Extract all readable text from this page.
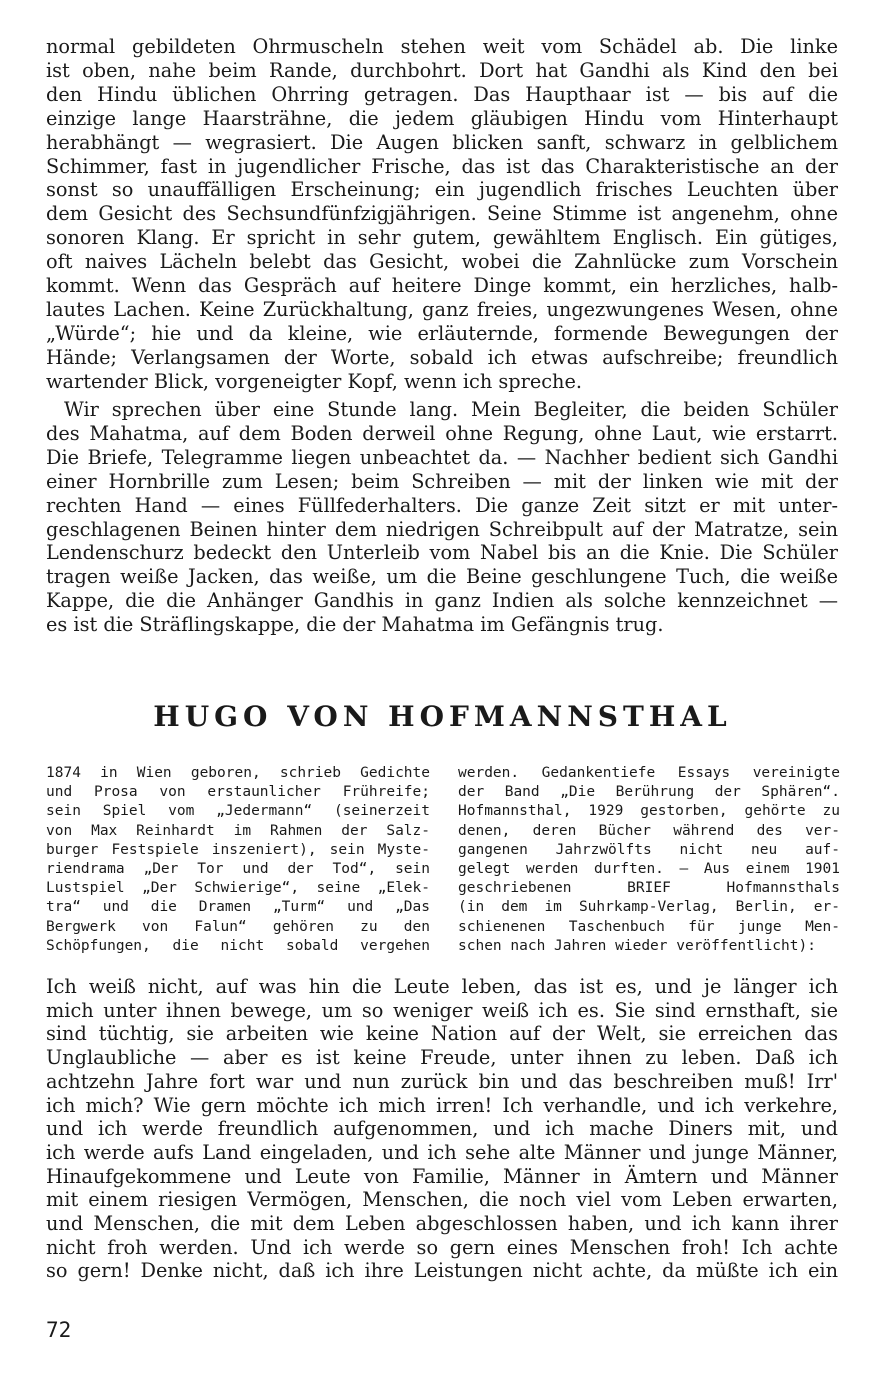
normal gebildeten Ohrmuscheln stehen weit vom Schädel ab. Die linke
ist oben, nahe beim Rande, durchbohrt. Dort hat Gandhi als Kind den bei
den Hindu üblichen Ohrring getragen. Das Haupthaar ist — bis auf die
einzige lange Haarsträhne, die jedem gläubigen Hindu vom Hinterhaupt
herabhängt — wegrasiert. Die Augen blicken sanft, schwarz in gelblichem
Schimmer, fast in jugendlicher Frische, das ist das Charakteristische an der
sonst so unauffälligen Erscheinung; ein jugendlich frisches Leuchten über
dem Gesicht des Sechsundfünfzigjährigen. Seine Stimme ist angenehm, ohne
sonoren Klang. Er spricht in sehr gutem, gewähltem Englisch. Ein gütiges,
oft naives Lächeln belebt das Gesicht, wobei die Zahnlücke zum Vorschein
kommt. Wenn das Gespräch auf heitere Dinge kommt, ein herzliches, halb-
lautes Lachen. Keine Zurückhaltung, ganz freies, ungezwungenes Wesen, ohne
„Würde“; hie und da kleine, wie erläuternde, formende Bewegungen der
Hände; Verlangsamen der Worte, sobald ich etwas aufschreibe; freundlich
wartender Blick, vorgeneigter Kopf, wenn ich spreche.
Wir sprechen über eine Stunde lang. Mein Begleiter, die beiden Schüler
des Mahatma, auf dem Boden derweil ohne Regung, ohne Laut, wie erstarrt.
Die Briefe, Telegramme liegen unbeachtet da. — Nachher bedient sich Gandhi
einer Hornbrille zum Lesen; beim Schreiben — mit der linken wie mit der
rechten Hand — eines Füllfederhalters. Die ganze Zeit sitzt er mit unter-
geschlagenen Beinen hinter dem niedrigen Schreibpult auf der Matratze, sein
Lendenschurz bedeckt den Unterleib vom Nabel bis an die Knie. Die Schüler
tragen weiße Jacken, das weiße, um die Beine geschlungene Tuch, die weiße
Kappe, die die Anhänger Gandhis in ganz Indien als solche kennzeichnet —
es ist die Sträflingskappe, die der Mahatma im Gefängnis trug.
HUGO VON HOFMANNSTHAL
1874 in Wien geboren, schrieb Gedichte
und Prosa von erstaunlicher Frühreife;
sein Spiel vom „Jedermann“ (seinerzeit
von Max Reinhardt im Rahmen der Salz-
burger Festspiele inszeniert), sein Myste-
riendrama „Der Tor und der Tod“, sein
Lustspiel „Der Schwierige“, seine „Elek-
tra“ und die Dramen „Turm“ und „Das
Bergwerk von Falun“ gehören zu den
Schöpfungen, die nicht sobald vergehen
werden. Gedankentiefe Essays vereinigte
der Band „Die Berührung der Sphären“.
Hofmannsthal, 1929 gestorben, gehörte zu
denen, deren Bücher während des ver-
gangenen Jahrzwölfts nicht neu auf-
gelegt werden durften. — Aus einem 1901
geschriebenen BRIEF Hofmannsthals
(in dem im Suhrkamp-Verlag, Berlin, er-
schienenen Taschenbuch für junge Men-
schen nach Jahren wieder veröffentlicht):
Ich weiß nicht, auf was hin die Leute leben, das ist es, und je länger ich
mich unter ihnen bewege, um so weniger weiß ich es. Sie sind ernsthaft, sie
sind tüchtig, sie arbeiten wie keine Nation auf der Welt, sie erreichen das
Unglaubliche — aber es ist keine Freude, unter ihnen zu leben. Daß ich
achtzehn Jahre fort war und nun zurück bin und das beschreiben muß! Irr'
ich mich? Wie gern möchte ich mich irren! Ich verhandle, und ich verkehre,
und ich werde freundlich aufgenommen, und ich mache Diners mit, und
ich werde aufs Land eingeladen, und ich sehe alte Männer und junge Männer,
Hinaufgekommene und Leute von Familie, Männer in Ämtern und Männer
mit einem riesigen Vermögen, Menschen, die noch viel vom Leben erwarten,
und Menschen, die mit dem Leben abgeschlossen haben, und ich kann ihrer
nicht froh werden. Und ich werde so gern eines Menschen froh! Ich achte
so gern! Denke nicht, daß ich ihre Leistungen nicht achte, da müßte ich ein
72
